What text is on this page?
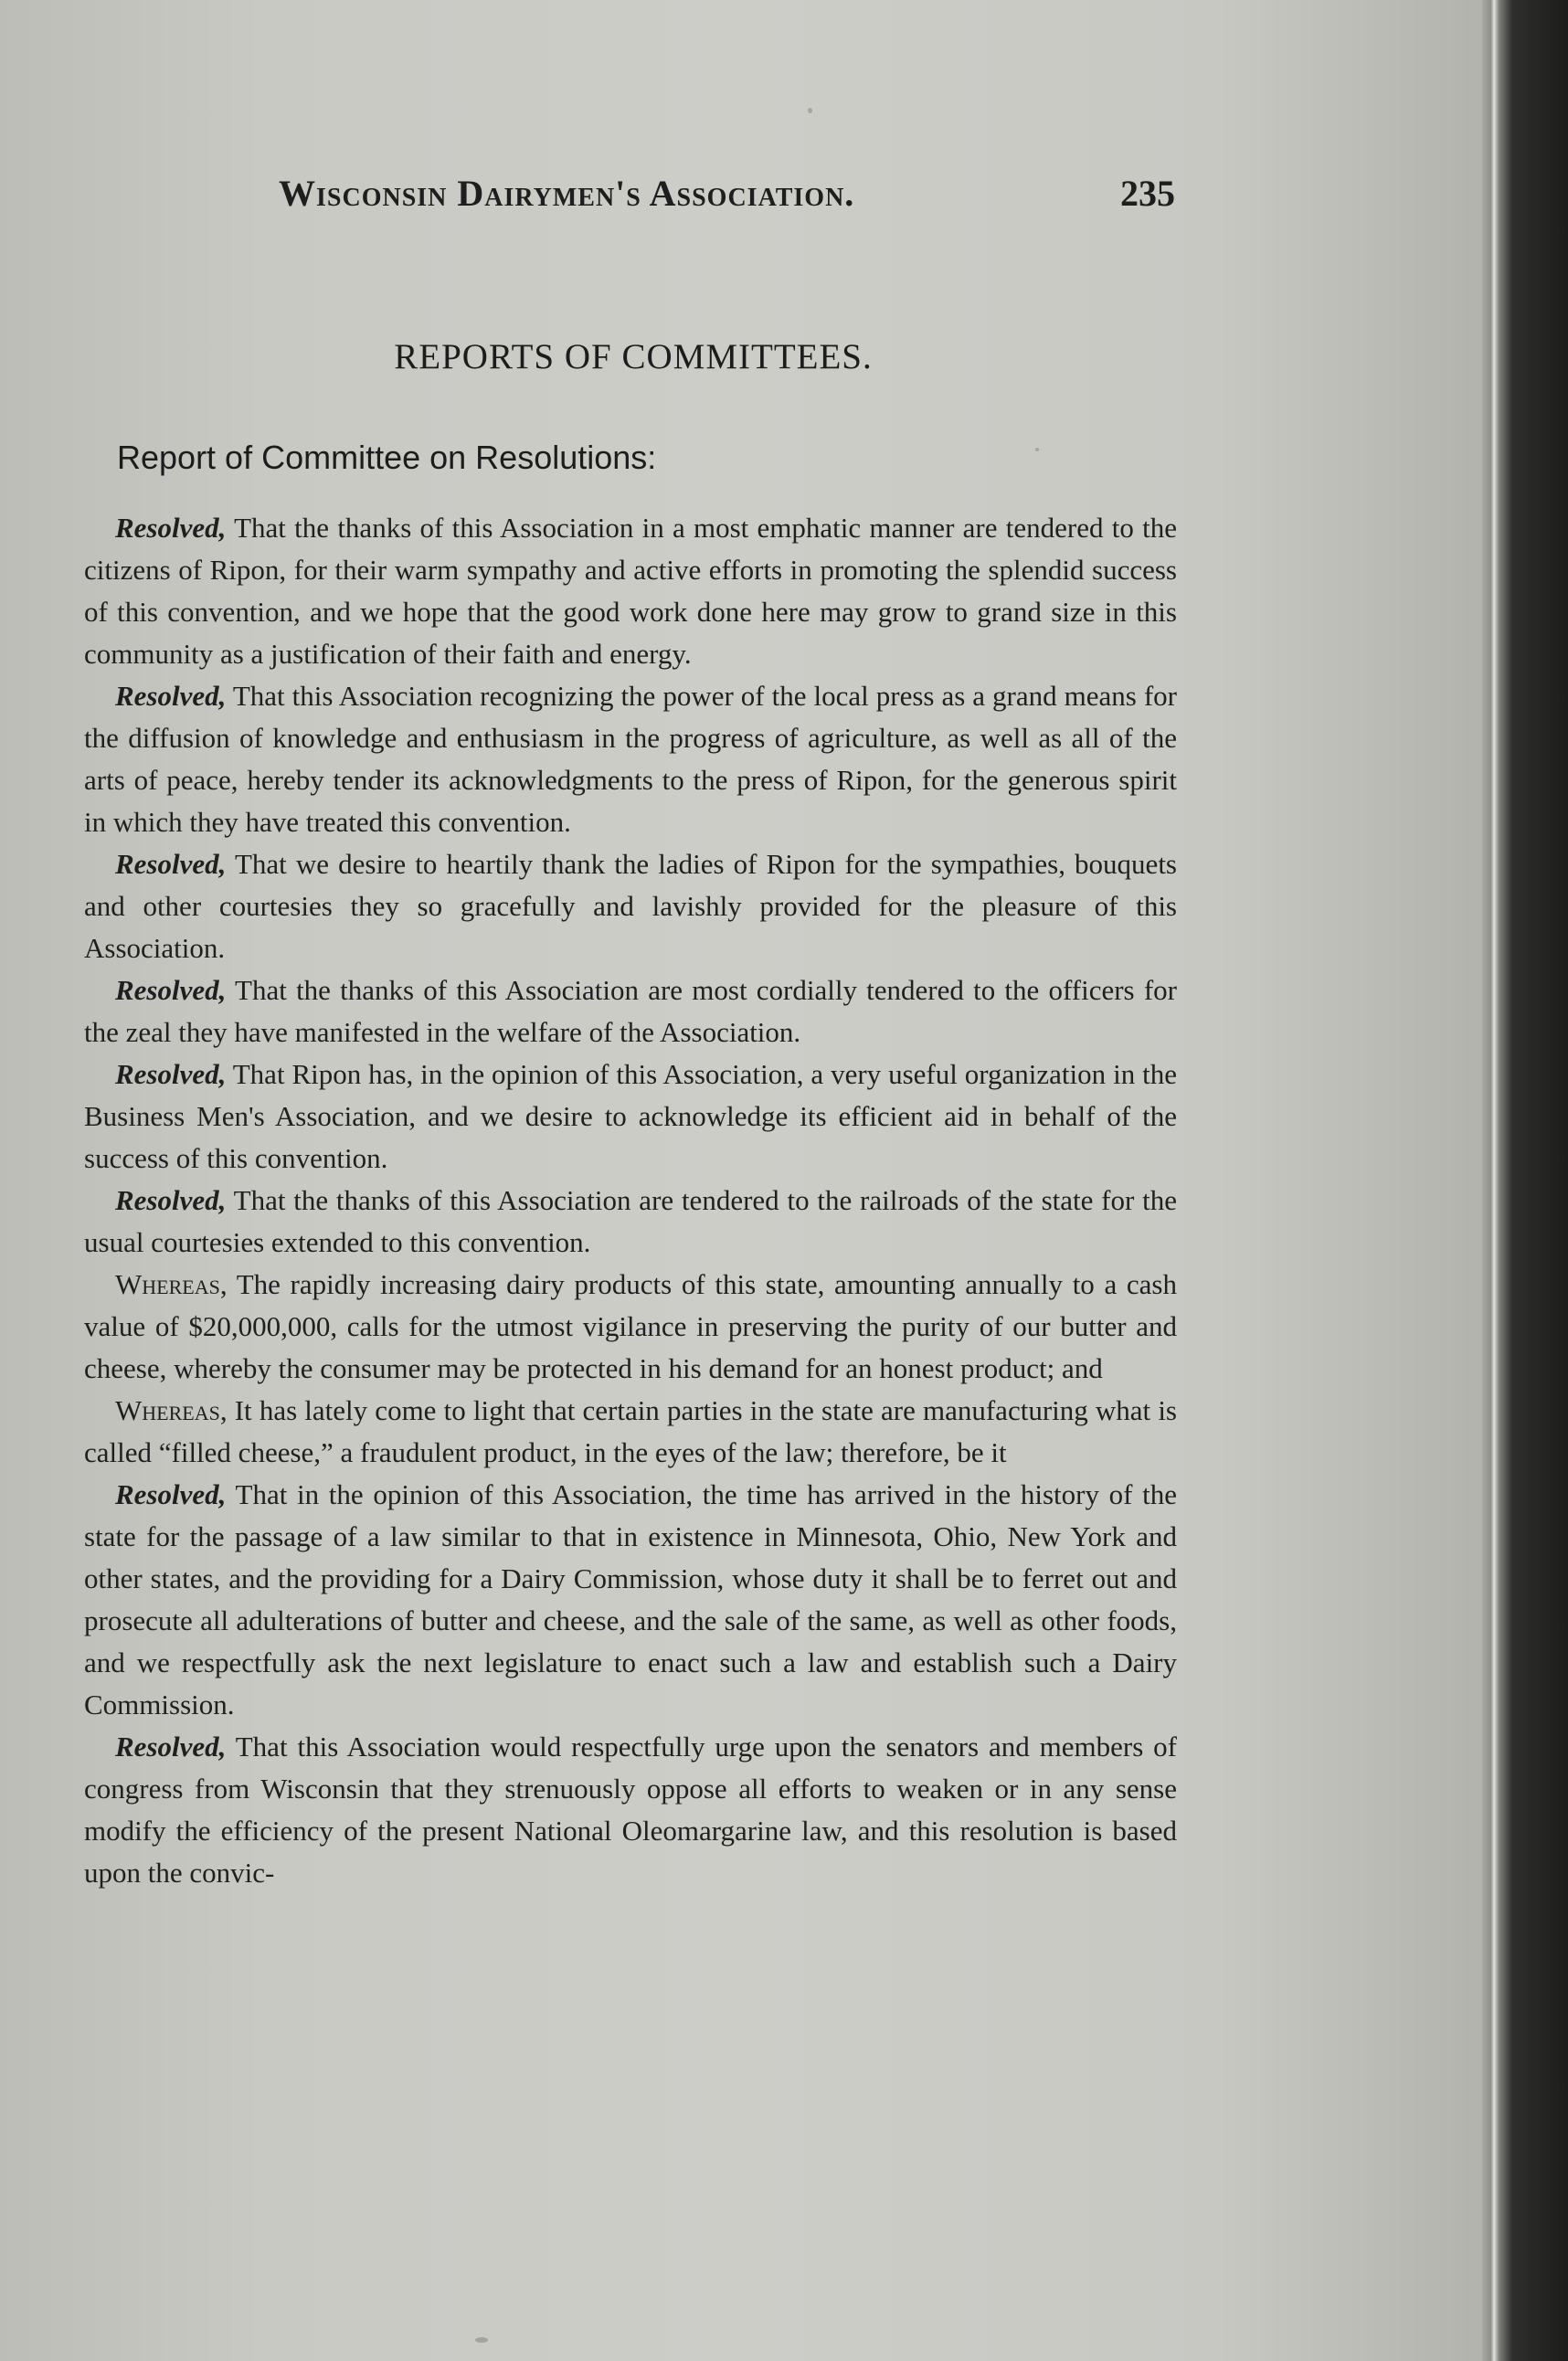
Wisconsin Dairymen's Association.	235
REPORTS OF COMMITTEES.
Report of Committee on Resolutions:

Resolved, That the thanks of this Association in a most emphatic manner are tendered to the citizens of Ripon, for their warm sympathy and active efforts in promoting the splendid success of this convention, and we hope that the good work done here may grow to grand size in this community as a justification of their faith and energy.

Resolved, That this Association recognizing the power of the local press as a grand means for the diffusion of knowledge and enthusiasm in the progress of agriculture, as well as all of the arts of peace, hereby tender its acknowledgments to the press of Ripon, for the generous spirit in which they have treated this convention.

Resolved, That we desire to heartily thank the ladies of Ripon for the sympathies, bouquets and other courtesies they so gracefully and lavishly provided for the pleasure of this Association.

Resolved, That the thanks of this Association are most cordially tendered to the officers for the zeal they have manifested in the welfare of the Association.

Resolved, That Ripon has, in the opinion of this Association, a very useful organization in the Business Men's Association, and we desire to acknowledge its efficient aid in behalf of the success of this convention.

Resolved, That the thanks of this Association are tendered to the railroads of the state for the usual courtesies extended to this convention.

Whereas, The rapidly increasing dairy products of this state, amounting annually to a cash value of $20,000,000, calls for the utmost vigilance in preserving the purity of our butter and cheese, whereby the consumer may be protected in his demand for an honest product; and

Whereas, It has lately come to light that certain parties in the state are manufacturing what is called “filled cheese,” a fraudulent product, in the eyes of the law; therefore, be it

Resolved, That in the opinion of this Association, the time has arrived in the history of the state for the passage of a law similar to that in existence in Minnesota, Ohio, New York and other states, and the providing for a Dairy Commission, whose duty it shall be to ferret out and prosecute all adulterations of butter and cheese, and the sale of the same, as well as other foods, and we respectfully ask the next legislature to enact such a law and establish such a Dairy Commission.

Resolved, That this Association would respectfully urge upon the senators and members of congress from Wisconsin that they strenuously oppose all efforts to weaken or in any sense modify the efficiency of the present National Oleomargarine law, and this resolution is based upon the convic-
